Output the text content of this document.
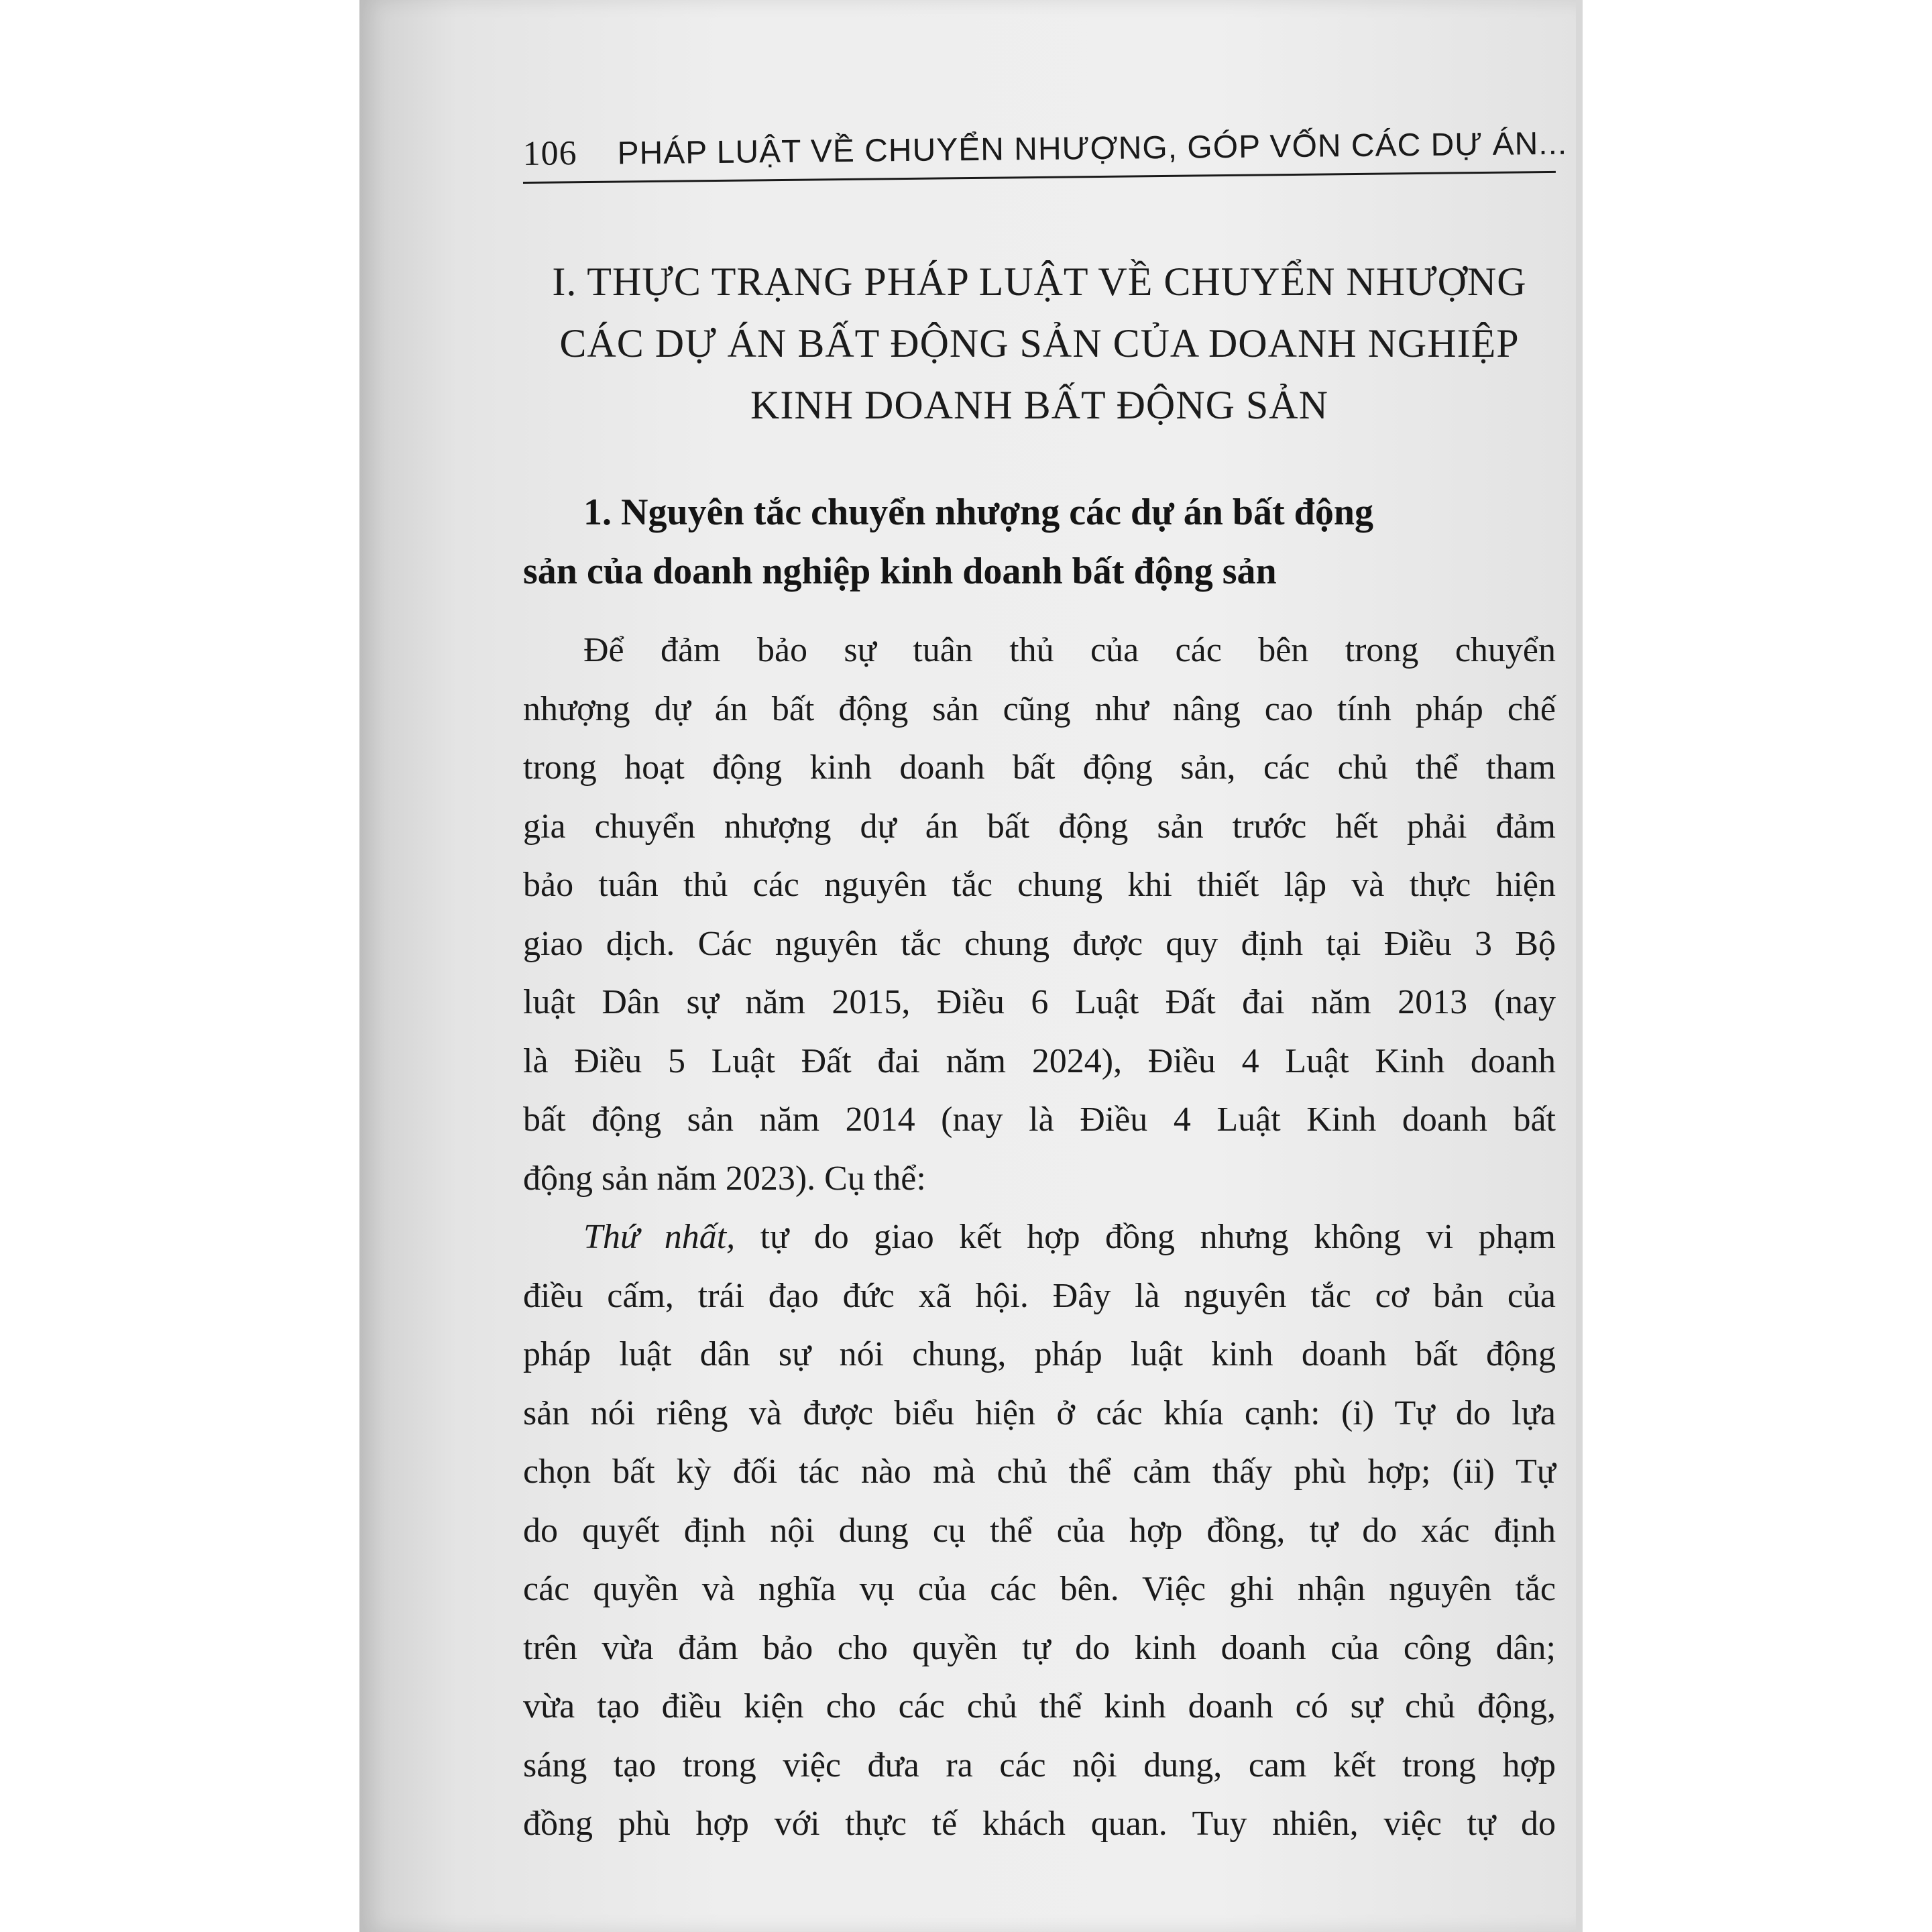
106 PHÁP LUẬT VỀ CHUYỂN NHƯỢNG, GÓP VỐN CÁC DỰ ÁN...
I. THỰC TRẠNG PHÁP LUẬT VỀ CHUYỂN NHƯỢNG
CÁC DỰ ÁN BẤT ĐỘNG SẢN CỦA DOANH NGHIỆP
KINH DOANH BẤT ĐỘNG SẢN
1. Nguyên tắc chuyển nhượng các dự án bất động
sản của doanh nghiệp kinh doanh bất động sản
Để đảm bảo sự tuân thủ của các bên trong chuyển
nhượng dự án bất động sản cũng như nâng cao tính pháp chế
trong hoạt động kinh doanh bất động sản, các chủ thể tham
gia chuyển nhượng dự án bất động sản trước hết phải đảm
bảo tuân thủ các nguyên tắc chung khi thiết lập và thực hiện
giao dịch. Các nguyên tắc chung được quy định tại Điều 3 Bộ
luật Dân sự năm 2015, Điều 6 Luật Đất đai năm 2013 (nay
là Điều 5 Luật Đất đai năm 2024), Điều 4 Luật Kinh doanh
bất động sản năm 2014 (nay là Điều 4 Luật Kinh doanh bất
động sản năm 2023). Cụ thể:
Thứ nhất, tự do giao kết hợp đồng nhưng không vi phạm
điều cấm, trái đạo đức xã hội. Đây là nguyên tắc cơ bản của
pháp luật dân sự nói chung, pháp luật kinh doanh bất động
sản nói riêng và được biểu hiện ở các khía cạnh: (i) Tự do lựa
chọn bất kỳ đối tác nào mà chủ thể cảm thấy phù hợp; (ii) Tự
do quyết định nội dung cụ thể của hợp đồng, tự do xác định
các quyền và nghĩa vụ của các bên. Việc ghi nhận nguyên tắc
trên vừa đảm bảo cho quyền tự do kinh doanh của công dân;
vừa tạo điều kiện cho các chủ thể kinh doanh có sự chủ động,
sáng tạo trong việc đưa ra các nội dung, cam kết trong hợp
đồng phù hợp với thực tế khách quan. Tuy nhiên, việc tự do
